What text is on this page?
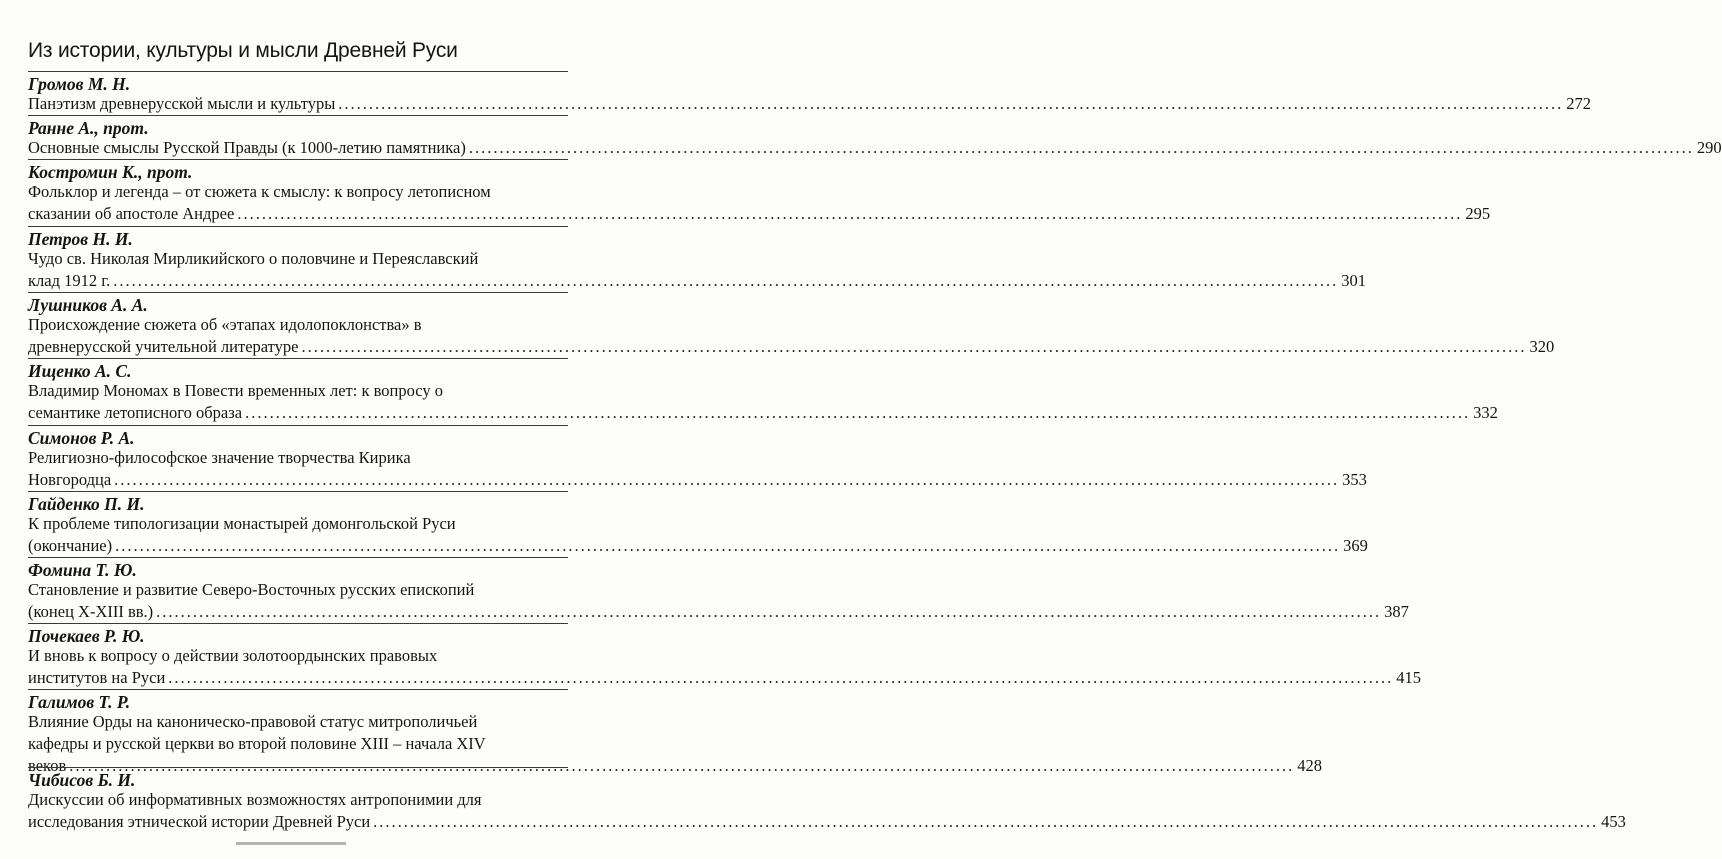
Из истории, культуры и мысли Древней Руси
Громов М. Н.
Панэтизм древнерусской мысли и культуры ........................................................................................................................................................................................................ 272
Ранне А., прот.
Основные смыслы Русской Правды (к 1000-летию памятника) ........................................................................................................................................................................................................ 290
Костромин К., прот.
Фольклор и легенда – от сюжета к смыслу: к вопросу летописном
сказании об апостоле Андрее ........................................................................................................................................................................................................ 295
Петров Н. И.
Чудо св. Николая Мирликийского о половчине и Переяславский
клад 1912 г. ........................................................................................................................................................................................................ 301
Лушников А. А.
Происхождение сюжета об «этапах идолопоклонства» в
древнерусской учительной литературе ........................................................................................................................................................................................................ 320
Ищенко А. С.
Владимир Мономах в Повести временных лет: к вопросу о
семантике летописного образа ........................................................................................................................................................................................................ 332
Симонов Р. А.
Религиозно-философское значение творчества Кирика
Новгородца ........................................................................................................................................................................................................ 353
Гайденко П. И.
К проблеме типологизации монастырей домонгольской Руси
(окончание) ........................................................................................................................................................................................................ 369
Фомина Т. Ю.
Становление и развитие Северо-Восточных русских епископий
(конец X-XIII вв.) ........................................................................................................................................................................................................ 387
Почекаев Р. Ю.
И вновь к вопросу о действии золотоордынских правовых
институтов на Руси ........................................................................................................................................................................................................ 415
Галимов Т. Р.
Влияние Орды на каноническо-правовой статус митрополичьей
кафедры и русской церкви во второй половине XIII – начала XIV
веков ........................................................................................................................................................................................................ 428
Чибисов Б. И.
Дискуссии об информативных возможностях антропонимии для
исследования этнической истории Древней Руси ........................................................................................................................................................................................................ 453
